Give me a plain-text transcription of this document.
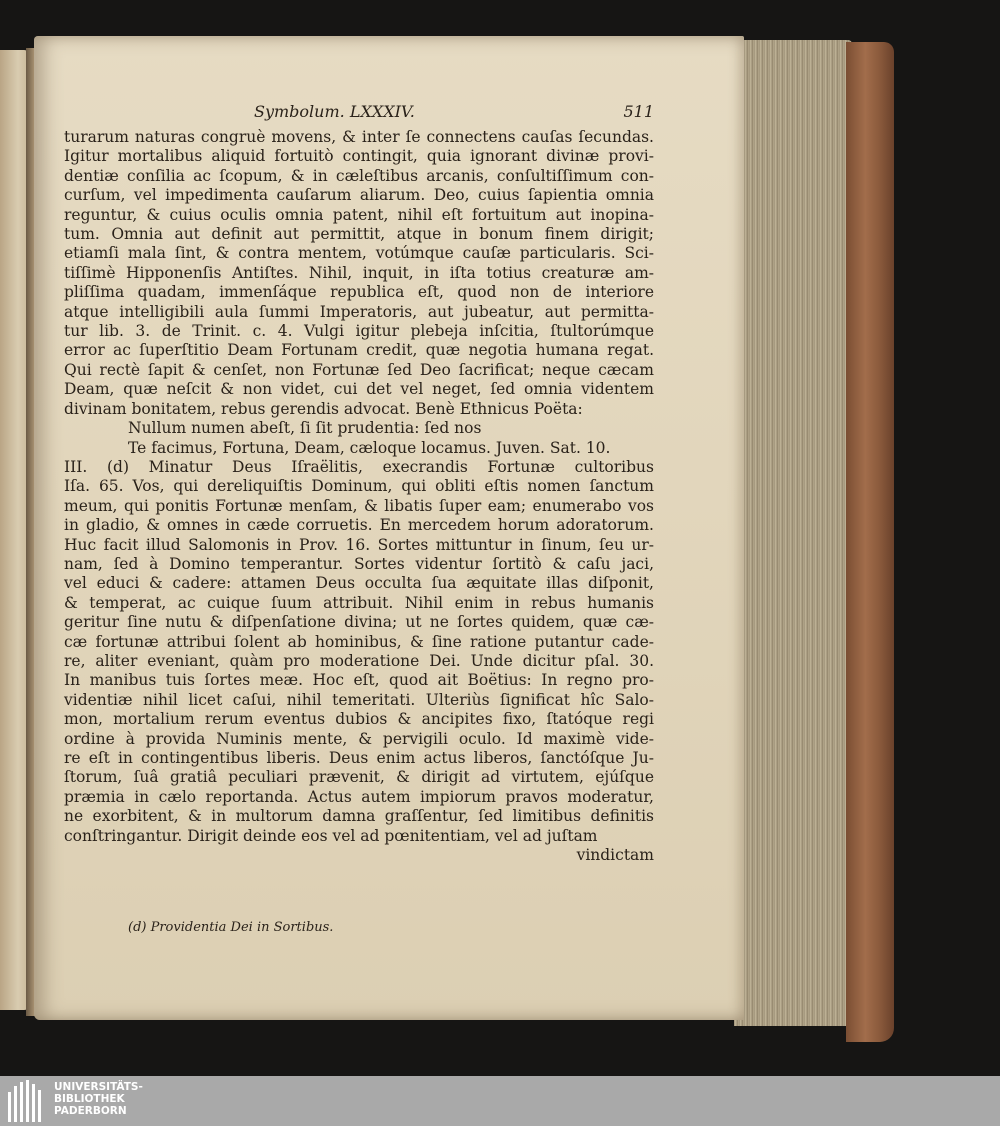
Symbolum. LXXXIV.	511
turarum naturas congruè movens, & inter ſe connectens cauſas ſecundas.
Igitur mortalibus aliquid fortuitò contingit, quia ignorant divinæ provi-
dentiæ conſilia ac ſcopum, & in cæleſtibus arcanis, conſultiſſimum con-
curſum, vel impedimenta cauſarum aliarum. Deo, cuius ſapientia omnia
reguntur, & cuius oculis omnia patent, nihil eſt fortuitum aut inopina-
tum. Omnia aut definit aut permittit, atque in bonum finem dirigit;
etiamſi mala ſint, & contra mentem, votúmque cauſæ particularis. Sci-
tiſſimè Hipponenſis Antiſtes. Nihil, inquit, in iſta totius creaturæ am-
pliſſima quadam, immenſáque republica eſt, quod non de interiore
atque intelligibili aula ſummi Imperatoris, aut jubeatur, aut permitta-
tur lib. 3. de Trinit. c. 4. Vulgi igitur plebeja inſcitia, ſtultorúmque
error ac ſuperſtitio Deam Fortunam credit, quæ negotia humana regat.
Qui rectè ſapit & cenſet, non Fortunæ ſed Deo ſacrificat; neque cæcam
Deam, quæ neſcit & non videt, cui det vel neget, ſed omnia videntem
divinam bonitatem, rebus gerendis advocat. Benè Ethnicus Poëta:
Nullum numen abeſt, ſi ſit prudentia: ſed nos
Te facimus, Fortuna, Deam, cæloque locamus. Juven. Sat. 10.
III. (d) Minatur Deus Iſraëlitis, execrandis Fortunæ cultoribus
Iſa. 65. Vos, qui dereliquiſtis Dominum, qui obliti eſtis nomen ſanctum
meum, qui ponitis Fortunæ menſam, & libatis ſuper eam; enumerabo vos
in gladio, & omnes in cæde corruetis. En mercedem horum adoratorum.
Huc facit illud Salomonis in Prov. 16. Sortes mittuntur in ſinum, ſeu ur-
nam, ſed à Domino temperantur. Sortes videntur ſortitò & caſu jaci,
vel educi & cadere: attamen Deus occulta ſua æquitate illas diſponit,
& temperat, ac cuique ſuum attribuit. Nihil enim in rebus humanis
geritur ſine nutu & diſpenſatione divina; ut ne ſortes quidem, quæ cæ-
cæ fortunæ attribui ſolent ab hominibus, & ſine ratione putantur cade-
re, aliter eveniant, quàm pro moderatione Dei. Unde dicitur pſal. 30.
In manibus tuis ſortes meæ. Hoc eſt, quod ait Boëtius: In regno pro-
videntiæ nihil licet caſui, nihil temeritati. Ulteriùs ſignificat hîc Salo-
mon, mortalium rerum eventus dubios & ancipites fixo, ſtatóque regi
ordine à provida Numinis mente, & pervigili oculo. Id maximè vide-
re eſt in contingentibus liberis. Deus enim actus liberos, ſanctóſque Ju-
ſtorum, ſuâ gratiâ peculiari prævenit, & dirigit ad virtutem, ejúſque
præmia in cælo reportanda. Actus autem impiorum pravos moderatur,
ne exorbitent, & in multorum damna graſſentur, ſed limitibus definitis
conſtringantur. Dirigit deinde eos vel ad pœnitentiam, vel ad juſtam
vindictam
(d) Providentia Dei in Sortibus.
UNIVERSITÄTS-
BIBLIOTHEK
PADERBORN
